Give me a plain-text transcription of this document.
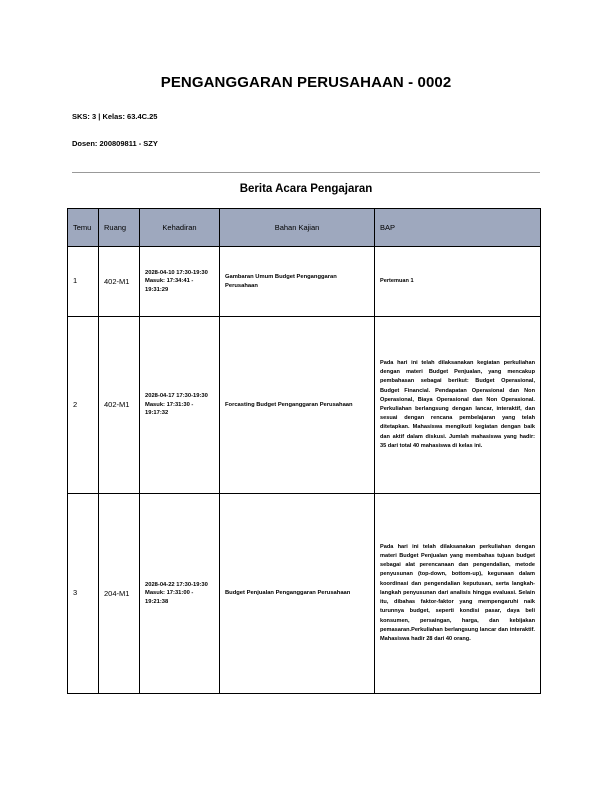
PENGANGGARAN PERUSAHAAN - 0002
SKS: 3 | Kelas: 63.4C.25
Dosen: 200809811 - SZY
Berita Acara Pengajaran
Temu	Ruang	Kehadiran	Bahan Kajian	BAP
1	402-M1	2028-04-10 17:30-19:30 Masuk: 17:34:41 - 19:31:29	Gambaran Umum Budget Penganggaran Perusahaan	Pertemuan 1
2	402-M1	2028-04-17 17:30-19:30 Masuk: 17:31:30 - 19:17:32	Forcasting Budget Penganggaran Perusahaan	Pada hari ini telah dilaksanakan kegiatan perkuliahan dengan materi Budget Penjualan, yang mencakup pembahasan sebagai berikut: Budget Operasional, Budget Financial. Pendapatan Operasional dan Non Operasional, Biaya Operasional dan Non Operasional. Perkuliahan berlangsung dengan lancar, interaktif, dan sesuai dengan rencana pembelajaran yang telah ditetapkan. Mahasiswa mengikuti kegiatan dengan baik dan aktif dalam diskusi. Jumlah mahasiswa yang hadir: 35 dari total 40 mahasiswa di kelas ini.
3	204-M1	2028-04-22 17:30-19:30 Masuk: 17:31:00 - 19:21:38	Budget Penjualan Penganggaran Perusahaan	Pada hari ini telah dilaksanakan perkuliahan dengan materi Budget Penjualan yang membahas tujuan budget sebagai alat perencanaan dan pengendalian, metode penyusunan (top-down, bottom-up), kegunaan dalam koordinasi dan pengendalian keputusan, serta langkah-langkah penyusunan dari analisis hingga evaluasi. Selain itu, dibahas faktor-faktor yang mempengaruhi naik turunnya budget, seperti kondisi pasar, daya beli konsumen, persaingan, harga, dan kebijakan pemasaran.Perkuliahan berlangsung lancar dan interaktif. Mahasiswa hadir 28 dari 40 orang.
